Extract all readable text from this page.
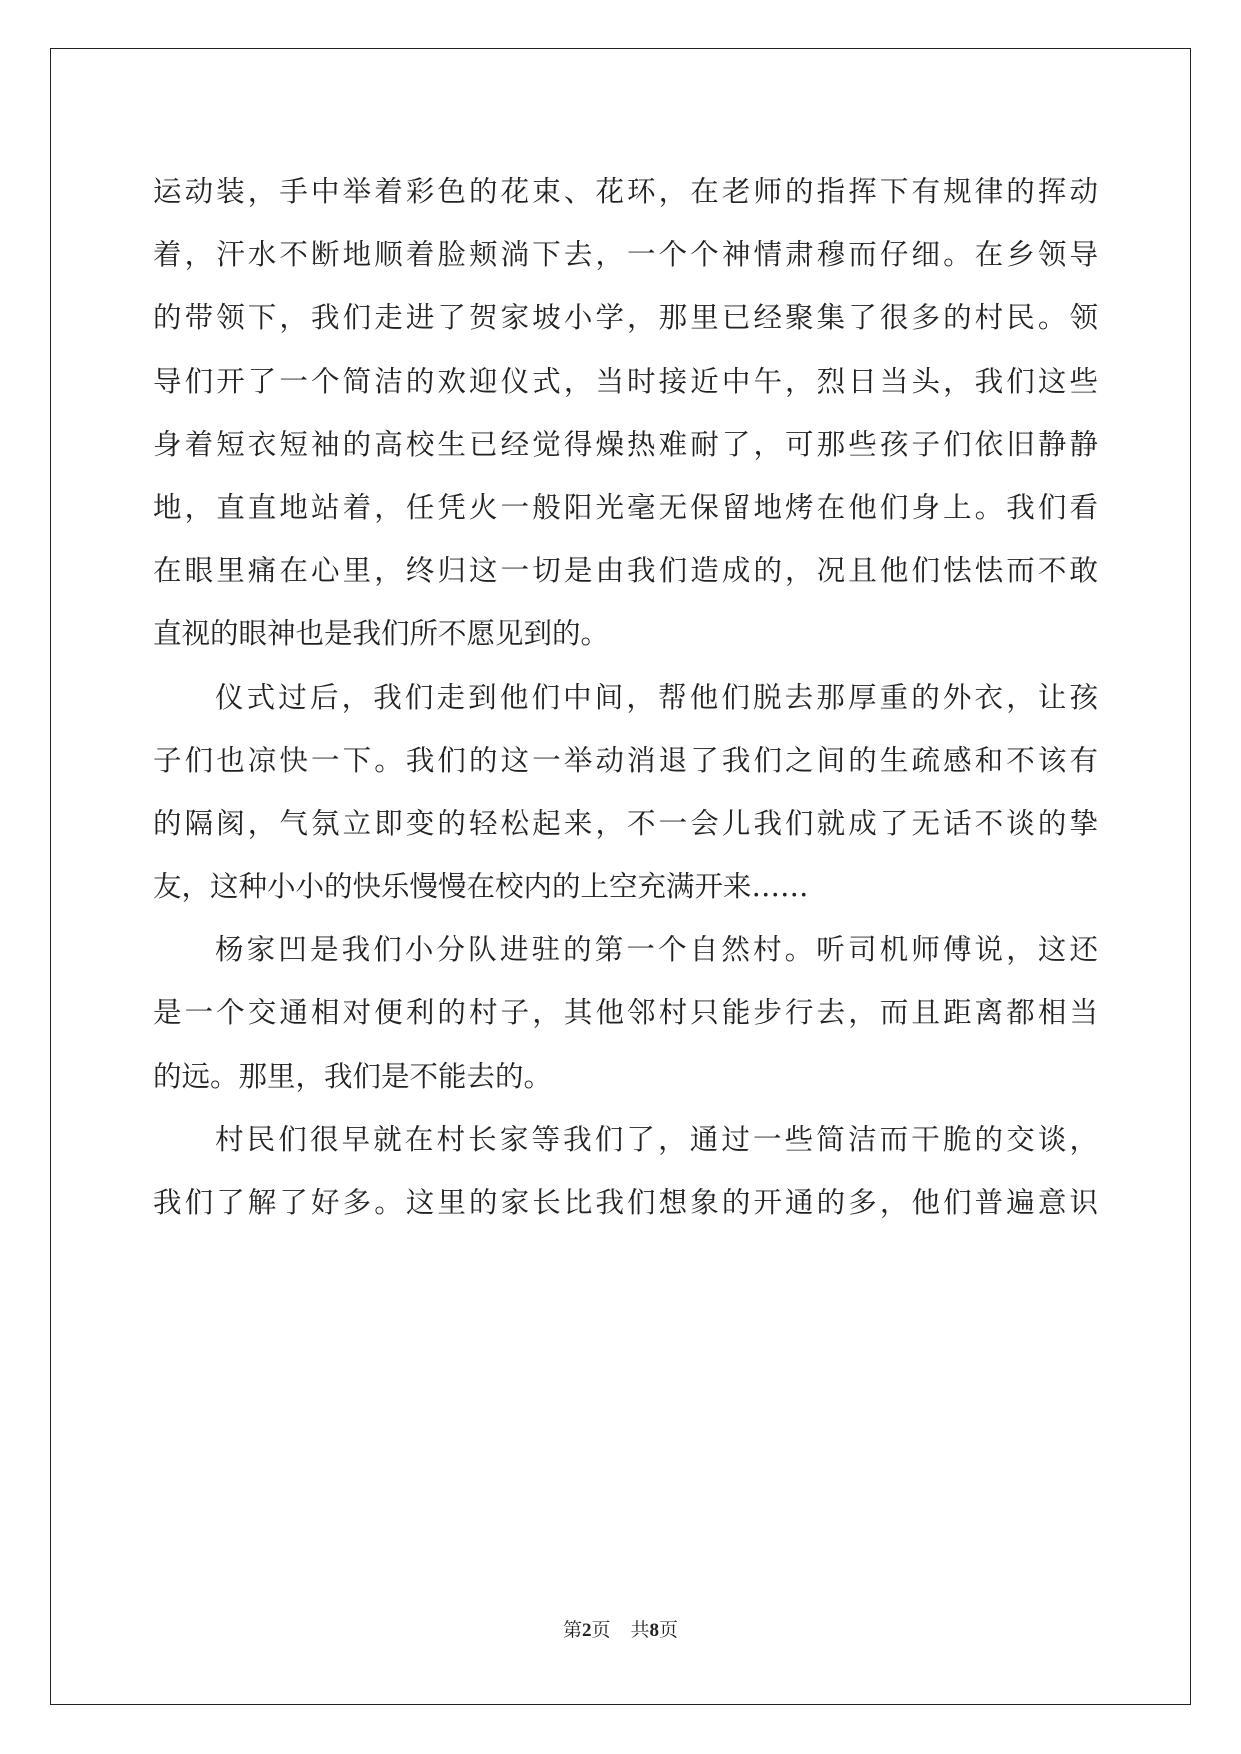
运动装，手中举着彩色的花束、花环，在老师的指挥下有规律的挥动
着，汗水不断地顺着脸颊淌下去，一个个神情肃穆而仔细。在乡领导
的带领下，我们走进了贺家坡小学，那里已经聚集了很多的村民。领
导们开了一个简洁的欢迎仪式，当时接近中午，烈日当头，我们这些
身着短衣短袖的高校生已经觉得燥热难耐了，可那些孩子们依旧静静
地，直直地站着，任凭火一般阳光毫无保留地烤在他们身上。我们看
在眼里痛在心里，终归这一切是由我们造成的，况且他们怯怯而不敢
直视的眼神也是我们所不愿见到的。
仪式过后，我们走到他们中间，帮他们脱去那厚重的外衣，让孩
子们也凉快一下。我们的这一举动消退了我们之间的生疏感和不该有
的隔阂，气氛立即变的轻松起来，不一会儿我们就成了无话不谈的挚
友，这种小小的快乐慢慢在校内的上空充满开来……
杨家凹是我们小分队进驻的第一个自然村。听司机师傅说，这还
是一个交通相对便利的村子，其他邻村只能步行去，而且距离都相当
的远。那里，我们是不能去的。
村民们很早就在村长家等我们了，通过一些简洁而干脆的交谈，
我们了解了好多。这里的家长比我们想象的开通的多，他们普遍意识
第2页 共8页
